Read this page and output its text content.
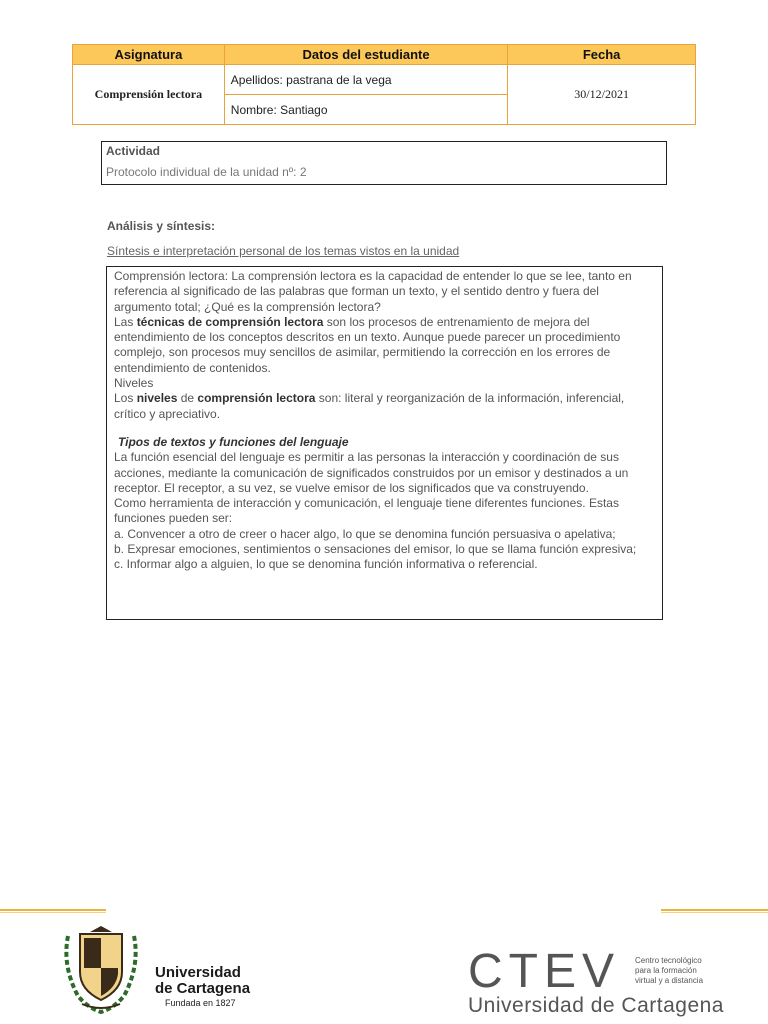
Asignatura	Datos del estudiante	Fecha
Comprensión lectora	Apellidos: pastrana de la vega	30/12/2021
	Nombre: Santiago	
Actividad
Protocolo individual de la unidad nº: 2
Análisis y síntesis:
Síntesis e interpretación personal de los temas vistos en la unidad

Comprensión lectora: La comprensión lectora es la capacidad de entender lo que se lee, tanto en referencia al significado de las palabras que forman un texto, y el sentido dentro y fuera del argumento total; ¿Qué es la comprensión lectora?

Las técnicas de comprensión lectora son los procesos de entrenamiento de mejora del entendimiento de los conceptos descritos en un texto. Aunque puede parecer un procedimiento complejo, son procesos muy sencillos de asimilar, permitiendo la corrección en los errores de entendimiento de contenidos.

Niveles

Los niveles de comprensión lectora son: literal y reorganización de la información, inferencial, crítico y apreciativo.

Tipos de textos y funciones del lenguaje

La función esencial del lenguaje es permitir a las personas la interacción y coordinación de sus acciones, mediante la comunicación de significados construidos por un emisor y destinados a un receptor. El receptor, a su vez, se vuelve emisor de los significados que va construyendo.

Como herramienta de interacción y comunicación, el lenguaje tiene diferentes funciones. Estas funciones pueden ser:

a. Convencer a otro de creer o hacer algo, lo que se denomina función persuasiva o apelativa;

b. Expresar emociones, sentimientos o sensaciones del emisor, lo que se llama función expresiva;

c. Informar algo a alguien, lo que se denomina función informativa o referencial.

Universidad
de Cartagena
Fundada en 1827
CTEV	Centro tecnológico
para la formación
virtual y a distancia
Universidad de Cartagena
